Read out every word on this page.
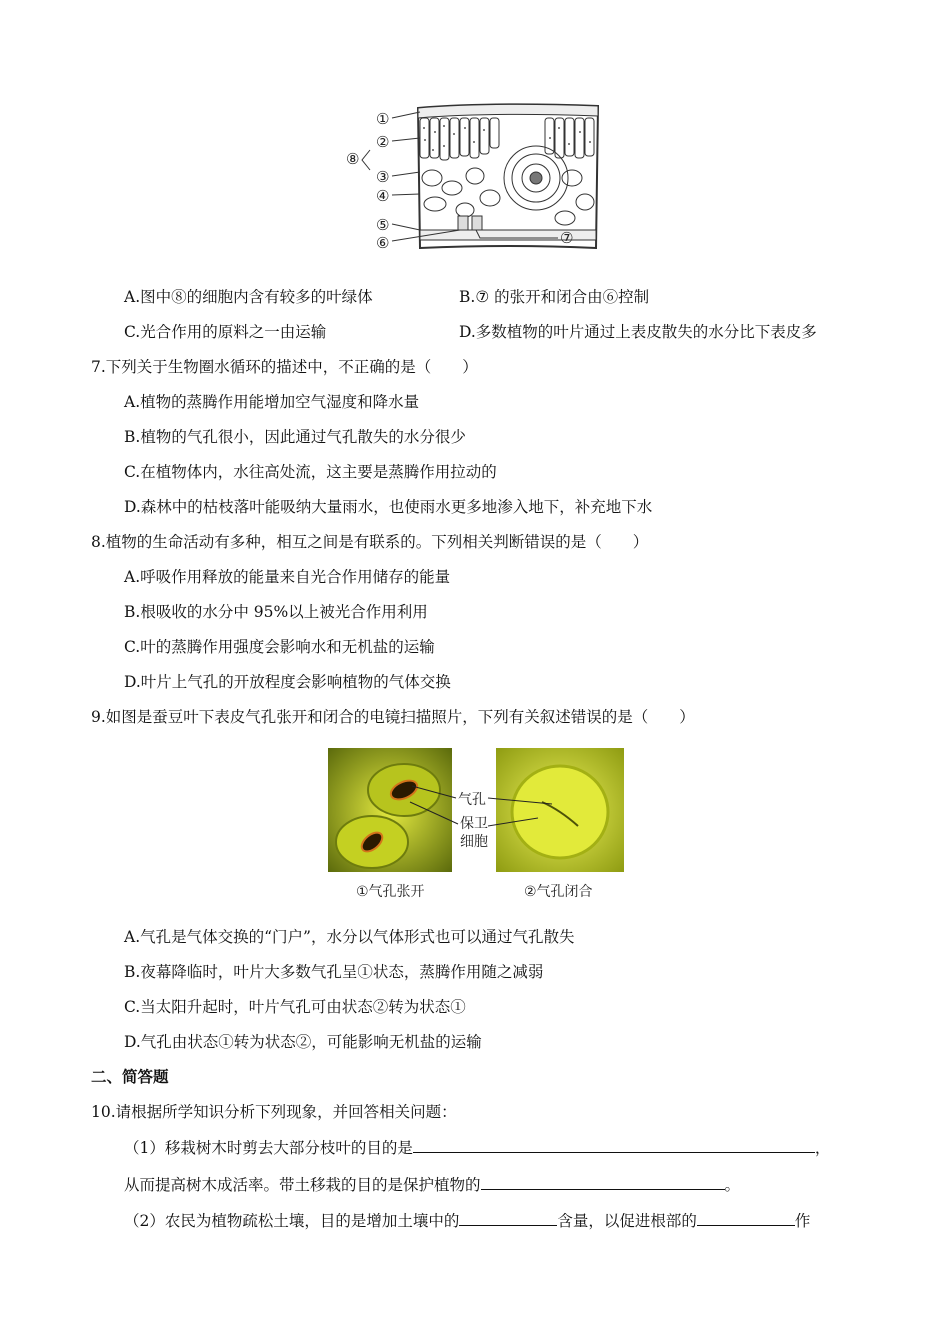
①
②
⑧
③
④
⑤
⑥	⑦
A.图中⑧的细胞内含有较多的叶绿体	B.⑦ 的张开和闭合由⑥控制
C.光合作用的原料之一由运输	D.多数植物的叶片通过上表皮散失的水分比下表皮多
7.下列关于生物圈水循环的描述中，不正确的是（　　）
A.植物的蒸腾作用能增加空气湿度和降水量
B.植物的气孔很小，因此通过气孔散失的水分很少
C.在植物体内，水往高处流，这主要是蒸腾作用拉动的
D.森林中的枯枝落叶能吸纳大量雨水，也使雨水更多地渗入地下，补充地下水
8.植物的生命活动有多种，相互之间是有联系的。下列相关判断错误的是（　　）
A.呼吸作用释放的能量来自光合作用储存的能量
B.根吸收的水分中 95%以上被光合作用利用
C.叶的蒸腾作用强度会影响水和无机盐的运输
D.叶片上气孔的开放程度会影响植物的气体交换
9.如图是蚕豆叶下表皮气孔张开和闭合的电镜扫描照片，下列有关叙述错误的是（　　）
气孔
保卫
细胞
①气孔张开	②气孔闭合
A.气孔是气体交换的“门户”，水分以气体形式也可以通过气孔散失
B.夜幕降临时，叶片大多数气孔呈①状态，蒸腾作用随之减弱
C.当太阳升起时，叶片气孔可由状态②转为状态①
D.气孔由状态①转为状态②，可能影响无机盐的运输
二、简答题
10.请根据所学知识分析下列现象，并回答相关问题：
（1）移栽树木时剪去大部分枝叶的目的是	，
从而提高树木成活率。带土移栽的目的是保护植物的	。
（2）农民为植物疏松土壤，目的是增加土壤中的	含量，以促进根部的	作
